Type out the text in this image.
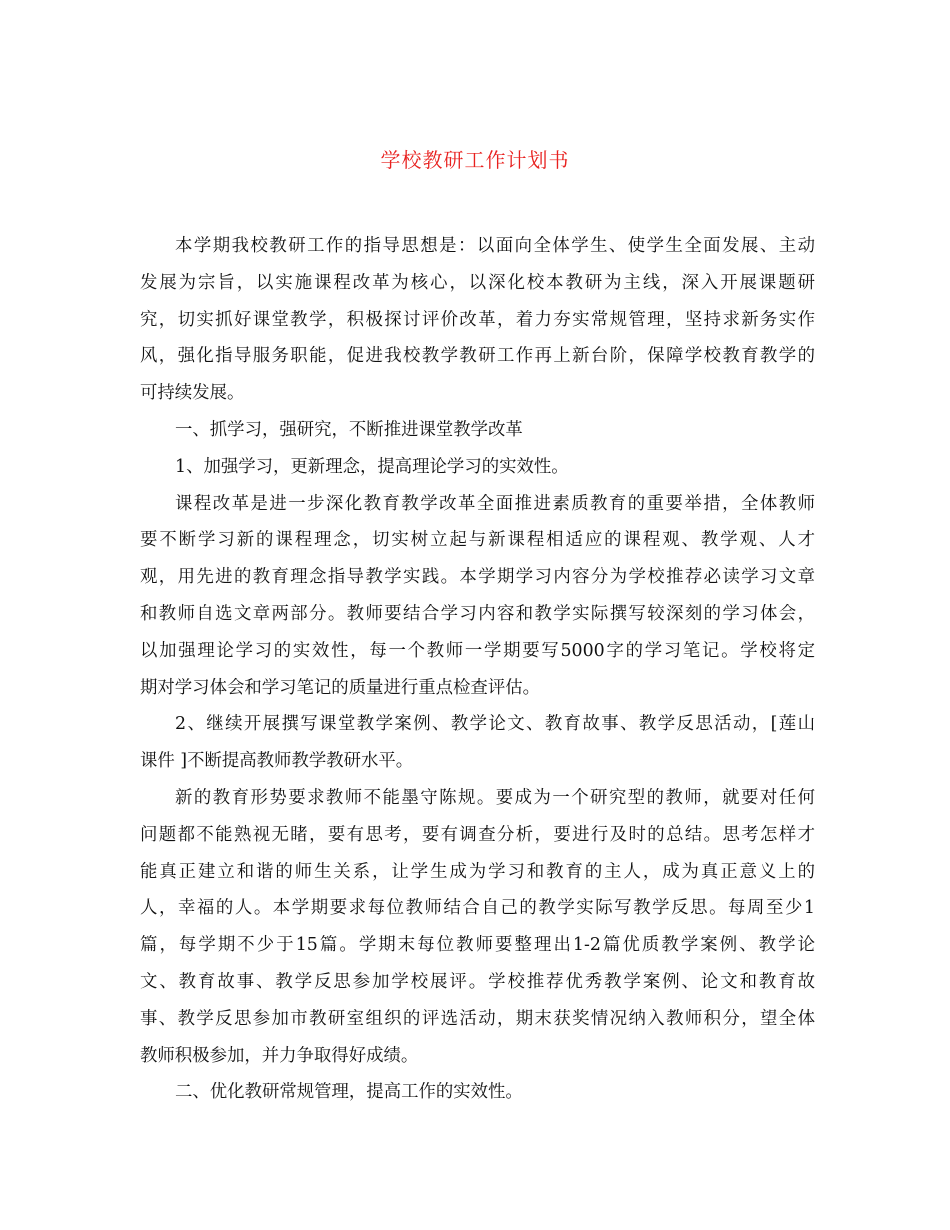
学校教研工作计划书
本学期我校教研工作的指导思想是：以面向全体学生、使学生全面发展、主动
发展为宗旨，以实施课程改革为核心，以深化校本教研为主线，深入开展课题研
究，切实抓好课堂教学，积极探讨评价改革，着力夯实常规管理，坚持求新务实作
风，强化指导服务职能，促进我校教学教研工作再上新台阶，保障学校教育教学的
可持续发展。
一、抓学习，强研究，不断推进课堂教学改革
1、加强学习，更新理念，提高理论学习的实效性。
课程改革是进一步深化教育教学改革全面推进素质教育的重要举措，全体教师
要不断学习新的课程理念，切实树立起与新课程相适应的课程观、教学观、人才
观，用先进的教育理念指导教学实践。本学期学习内容分为学校推荐必读学习文章
和教师自选文章两部分。教师要结合学习内容和教学实际撰写较深刻的学习体会，
以加强理论学习的实效性，每一个教师一学期要写5000字的学习笔记。学校将定
期对学习体会和学习笔记的质量进行重点检查评估。
2、继续开展撰写课堂教学案例、教学论文、教育故事、教学反思活动，[莲山
课件 ]不断提高教师教学教研水平。
新的教育形势要求教师不能墨守陈规。要成为一个研究型的教师，就要对任何
问题都不能熟视无睹，要有思考，要有调查分析，要进行及时的总结。思考怎样才
能真正建立和谐的师生关系，让学生成为学习和教育的主人，成为真正意义上的
人，幸福的人。本学期要求每位教师结合自己的教学实际写教学反思。每周至少1
篇，每学期不少于15篇。学期末每位教师要整理出1-2篇优质教学案例、教学论
文、教育故事、教学反思参加学校展评。学校推荐优秀教学案例、论文和教育故
事、教学反思参加市教研室组织的评选活动，期末获奖情况纳入教师积分，望全体
教师积极参加，并力争取得好成绩。
二、优化教研常规管理，提高工作的实效性。
